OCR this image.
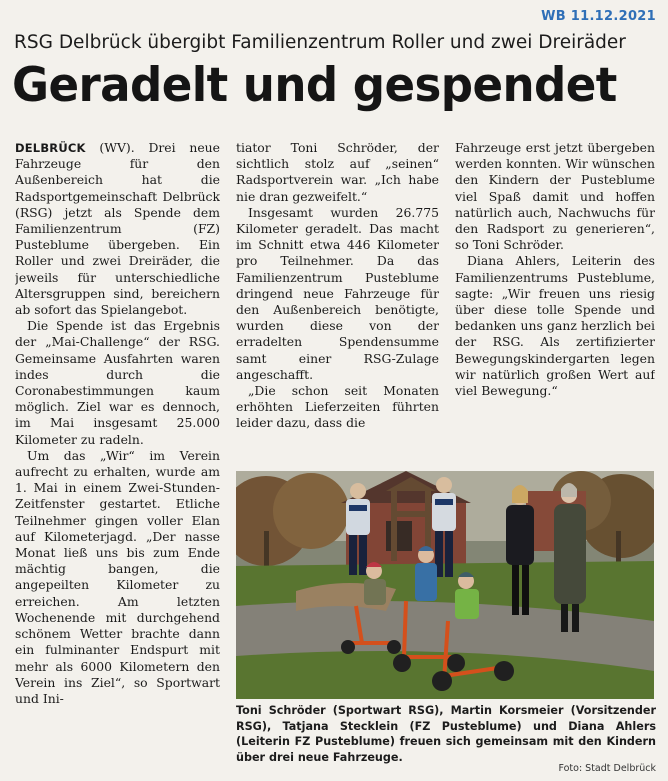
WB 11.12.2021
RSG Delbrück übergibt Familienzentrum Roller und zwei Dreiräder
Geradelt und gespendet

DELBRÜCK (WV). Drei neue Fahrzeuge für den Außenbereich hat die Radsportgemeinschaft Delbrück (RSG) jetzt als Spende dem Familienzentrum (FZ) Pusteblume übergeben. Ein Roller und zwei Dreiräder, die jeweils für unterschiedliche Altersgruppen sind, bereichern ab sofort das Spielangebot.

Die Spende ist das Ergebnis der „Mai-Challenge“ der RSG. Gemeinsame Ausfahrten waren indes durch die Coronabestimmungen kaum möglich. Ziel war es dennoch, im Mai insgesamt 25.000 Kilometer zu radeln.

Um das „Wir“ im Verein aufrecht zu erhalten, wurde am 1. Mai in einem Zwei-Stunden-Zeitfenster gestartet. Etliche Teilnehmer gingen voller Elan auf Kilometerjagd. „Der nasse Monat ließ uns bis zum Ende mächtig bangen, die angepeilten Kilometer zu erreichen. Am letzten Wochenende mit durchgehend schönem Wetter brachte dann ein fulminanter Endspurt mit mehr als 6000 Kilometern den Verein ins Ziel“, so Sportwart und Ini-

tiator Toni Schröder, der sichtlich stolz auf „seinen“ Radsportverein war. „Ich habe nie dran gezweifelt.“

Insgesamt wurden 26.775 Kilometer geradelt. Das macht im Schnitt etwa 446 Kilometer pro Teilnehmer. Da das Familienzentrum Pusteblume dringend neue Fahrzeuge für den Außenbereich benötigte, wurden diese von der erradelten Spendensumme samt einer RSG-Zulage angeschafft.

„Die schon seit Monaten erhöhten Lieferzeiten führten leider dazu, dass die

Fahrzeuge erst jetzt übergeben werden konnten. Wir wünschen den Kindern der Pusteblume viel Spaß damit und hoffen natürlich auch, Nachwuchs für den Radsport zu generieren“, so Toni Schröder.

Diana Ahlers, Leiterin des Familienzentrums Pusteblume, sagte: „Wir freuen uns riesig über diese tolle Spende und bedanken uns ganz herzlich bei der RSG. Als zertifizierter Bewegungskindergarten legen wir natürlich großen Wert auf viel Bewegung.“

Toni Schröder (Sportwart RSG), Martin Korsmeier (Vorsitzender RSG), Tatjana Stecklein (FZ Pusteblume) und Diana Ahlers (Leiterin FZ Pusteblume) freuen sich gemeinsam mit den Kindern über drei neue Fahrzeuge.

Foto: Stadt Delbrück
